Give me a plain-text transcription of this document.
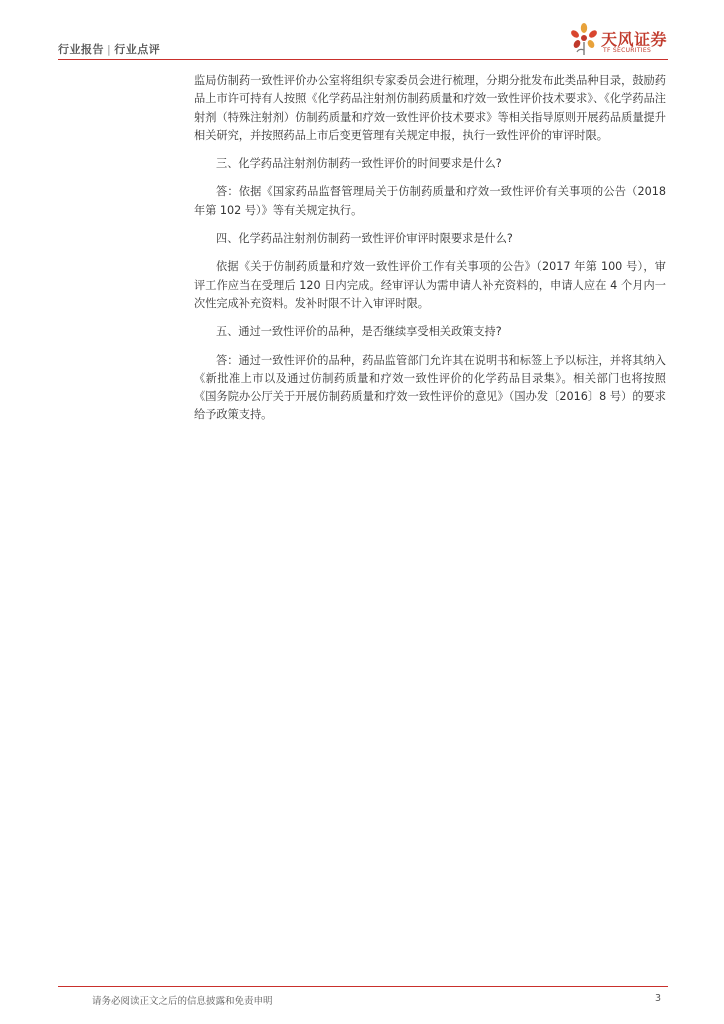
行业报告 | 行业点评
天风证券
TF SECURITIES

监局仿制药一致性评价办公室将组织专家委员会进行梳理，分期分批发布此类品种目录，鼓励药品上市许可持有人按照《化学药品注射剂仿制药质量和疗效一致性评价技术要求》、《化学药品注射剂（特殊注射剂）仿制药质量和疗效一致性评价技术要求》等相关指导原则开展药品质量提升相关研究，并按照药品上市后变更管理有关规定申报，执行一致性评价的审评时限。

三、化学药品注射剂仿制药一致性评价的时间要求是什么?

答：依据《国家药品监督管理局关于仿制药质量和疗效一致性评价有关事项的公告（2018 年第 102 号）》等有关规定执行。

四、化学药品注射剂仿制药一致性评价审评时限要求是什么?

依据《关于仿制药质量和疗效一致性评价工作有关事项的公告》（2017 年第 100 号），审评工作应当在受理后 120 日内完成。经审评认为需申请人补充资料的，申请人应在 4 个月内一次性完成补充资料。发补时限不计入审评时限。

五、通过一致性评价的品种，是否继续享受相关政策支持?

答：通过一致性评价的品种，药品监管部门允许其在说明书和标签上予以标注，并将其纳入《新批准上市以及通过仿制药质量和疗效一致性评价的化学药品目录集》。相关部门也将按照《国务院办公厅关于开展仿制药质量和疗效一致性评价的意见》（国办发〔2016〕8 号）的要求给予政策支持。

请务必阅读正文之后的信息披露和免责申明	3
